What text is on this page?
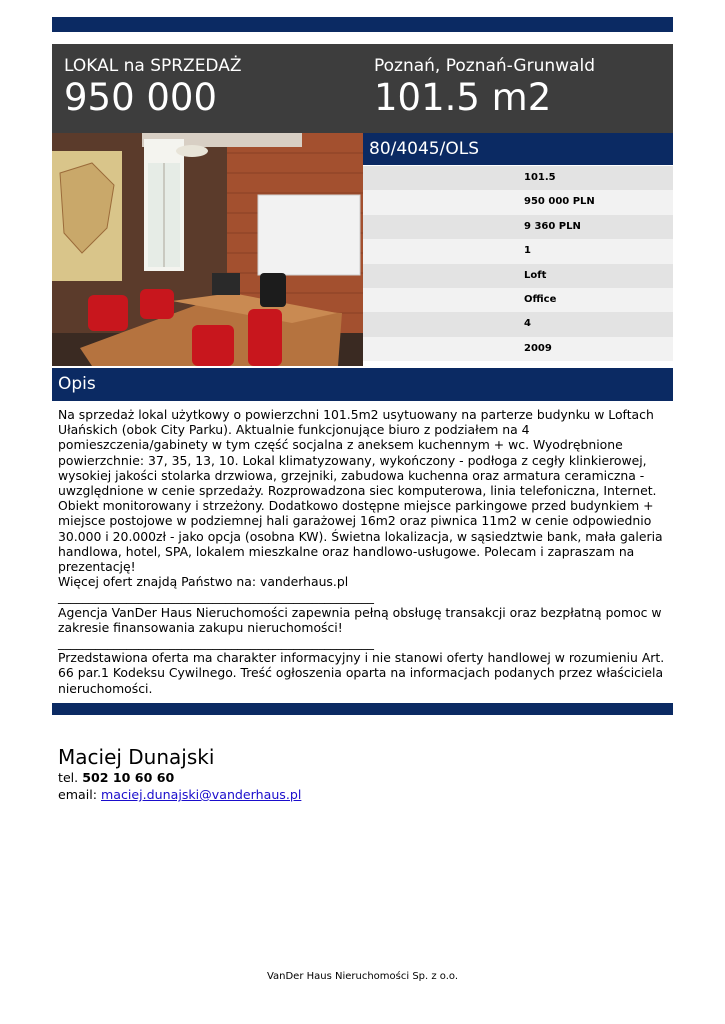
LOKAL na SPRZEDAŻ
950 000
Poznań, Poznań-Grunwald
101.5 m2
80/4045/OLS
101.5
950 000 PLN
9 360 PLN
1
Loft
Office
4
2009
Opis

Na sprzedaż lokal użytkowy o powierzchni 101.5m2 usytuowany na parterze budynku w Loftach Ułańskich (obok City Parku). Aktualnie funkcjonujące biuro z podziałem na 4 pomieszczenia/gabinety w tym część socjalna z aneksem kuchennym + wc. Wyodrębnione powierzchnie: 37, 35, 13, 10. Lokal klimatyzowany, wykończony - podłoga z cegły klinkierowej, wysokiej jakości stolarka drzwiowa, grzejniki, zabudowa kuchenna oraz armatura ceramiczna - uwzględnione w cenie sprzedaży. Rozprowadzona siec komputerowa, linia telefoniczna, Internet. Obiekt monitorowany i strzeżony. Dodatkowo dostępne miejsce parkingowe przed budynkiem + miejsce postojowe w podziemnej hali garażowej 16m2 oraz piwnica 11m2 w cenie odpowiednio 30.000 i 20.000zł - jako opcja (osobna KW). Świetna lokalizacja, w sąsiedztwie bank, mała galeria handlowa, hotel, SPA, lokalem mieszkalne oraz handlowo-usługowe. Polecam i zapraszam na prezentację!

Więcej ofert znajdą Państwo na: vanderhaus.pl

___________________________________________________

Agencja VanDer Haus Nieruchomości zapewnia pełną obsługę transakcji oraz bezpłatną pomoc w zakresie finansowania zakupu nieruchomości!

___________________________________________________

Przedstawiona oferta ma charakter informacyjny i nie stanowi oferty handlowej w rozumieniu Art. 66 par.1 Kodeksu Cywilnego. Treść ogłoszenia oparta na informacjach podanych przez właściciela nieruchomości.

Maciej Dunajski
tel. 502 10 60 60
email: maciej.dunajski@vanderhaus.pl
VanDer Haus Nieruchomości Sp. z o.o.
